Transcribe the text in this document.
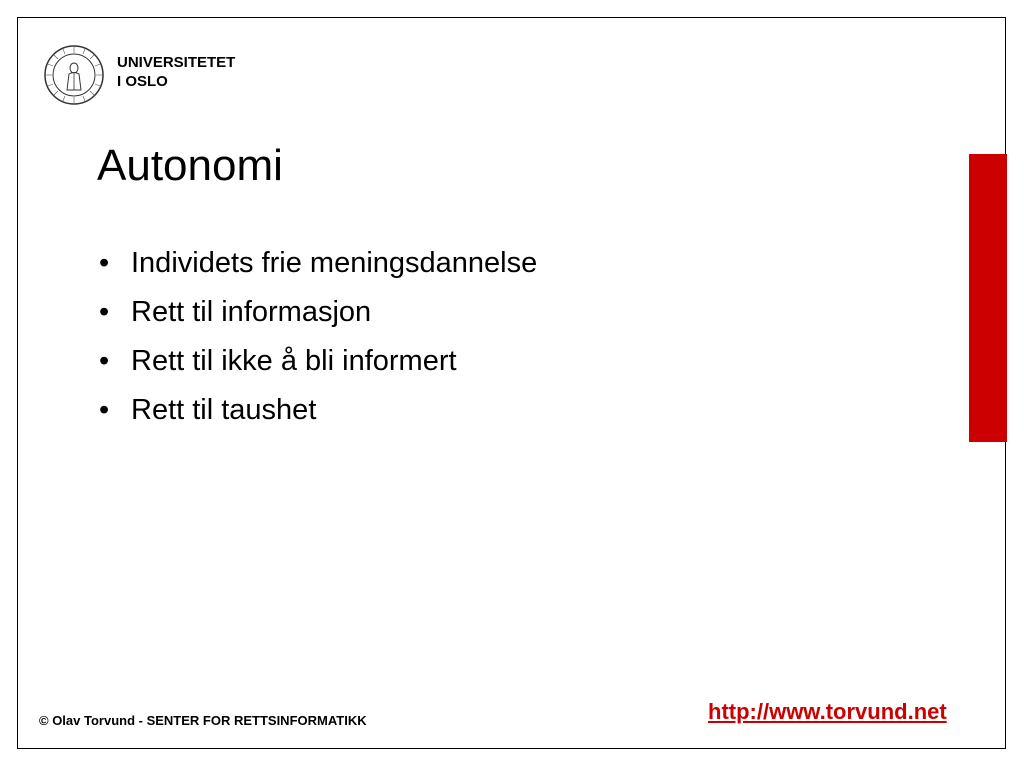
UNIVERSITETET
I OSLO
Autonomi
• Individets frie meningsdannelse
• Rett til informasjon
• Rett til ikke å bli informert
• Rett til taushet
© Olav Torvund - SENTER FOR RETTSINFORMATIKK	http://www.torvund.net
